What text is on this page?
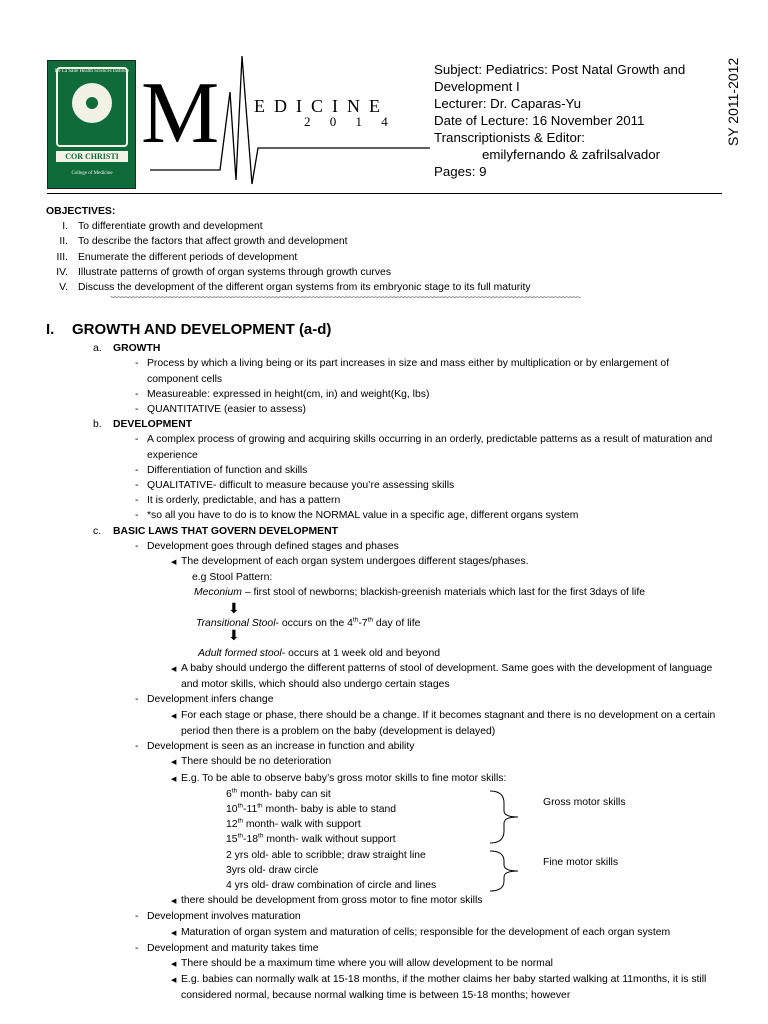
De La Salle Health Sciences Institute
COR CHRISTI
College of Medicine
M EDICINE
2 0 1 4
Subject: Pediatrics: Post Natal Growth and Development I
Lecturer: Dr. Caparas-Yu
Date of Lecture: 16 November 2011
Transcriptionists & Editor:
emilyfernando & zafrilsalvador
Pages: 9
SY 2011-2012
OBJECTIVES:
I. To differentiate growth and development
II. To describe the factors that affect growth and development
III. Enumerate the different periods of development
IV. Illustrate patterns of growth of organ systems through growth curves
V. Discuss the development of the different organ systems from its embryonic stage to its full maturity
~~~~~~~~~~~~~~~~~~~~~~~~~~~~~~~~~~~~~~~~~~~~~~~~~~~~~~~~~~~~~~~~~~~~~~~~~~~~~~~~~~~~~~~~~~~~~~~~~~~~~~~~~~~~~~~~~~~~~~~~~~~~~~~~
I. GROWTH AND DEVELOPMENT (a-d)
a. GROWTH
- Process by which a living being or its part increases in size and mass either by multiplication or by enlargement of component cells
- Measureable: expressed in height(cm, in) and weight(Kg, lbs)
- QUANTITATIVE (easier to assess)
b. DEVELOPMENT
- A complex process of growing and acquiring skills occurring in an orderly, predictable patterns as a result of maturation and experience
- Differentiation of function and skills
- QUALITATIVE- difficult to measure because you’re assessing skills
- It is orderly, predictable, and has a pattern
- *so all you have to do is to know the NORMAL value in a specific age, different organs system
c. BASIC LAWS THAT GOVERN DEVELOPMENT
- Development goes through defined stages and phases
◀ The development of each organ system undergoes different stages/phases.
e.g Stool Pattern:
Meconium – first stool of newborns; blackish-greenish materials which last for the first 3days of life
⬇
Transitional Stool- occurs on the 4th-7th day of life
⬇
Adult formed stool- occurs at 1 week old and beyond
◀ A baby should undergo the different patterns of stool of development. Same goes with the development of language and motor skills, which should also undergo certain stages
- Development infers change
◀ For each stage or phase, there should be a change. If it becomes stagnant and there is no development on a certain period then there is a problem on the baby (development is delayed)
- Development is seen as an increase in function and ability
◀ There should be no deterioration
◀ E.g. To be able to observe baby’s gross motor skills to fine motor skills:
6th month- baby can sit
10th-11th month- baby is able to stand
12th month- walk with support
15th-18th month- walk without support
2 yrs old- able to scribble; draw straight line
3yrs old- draw circle
4 yrs old- draw combination of circle and lines
Gross motor skills
Fine motor skills
◀ there should be development from gross motor to fine motor skills
- Development involves maturation
◀ Maturation of organ system and maturation of cells; responsible for the development of each organ system
- Development and maturity takes time
◀ There should be a maximum time where you will allow development to be normal
◀ E.g. babies can normally walk at 15-18 months, if the mother claims her baby started walking at 11months, it is still considered normal, because normal walking time is between 15-18 months; however
